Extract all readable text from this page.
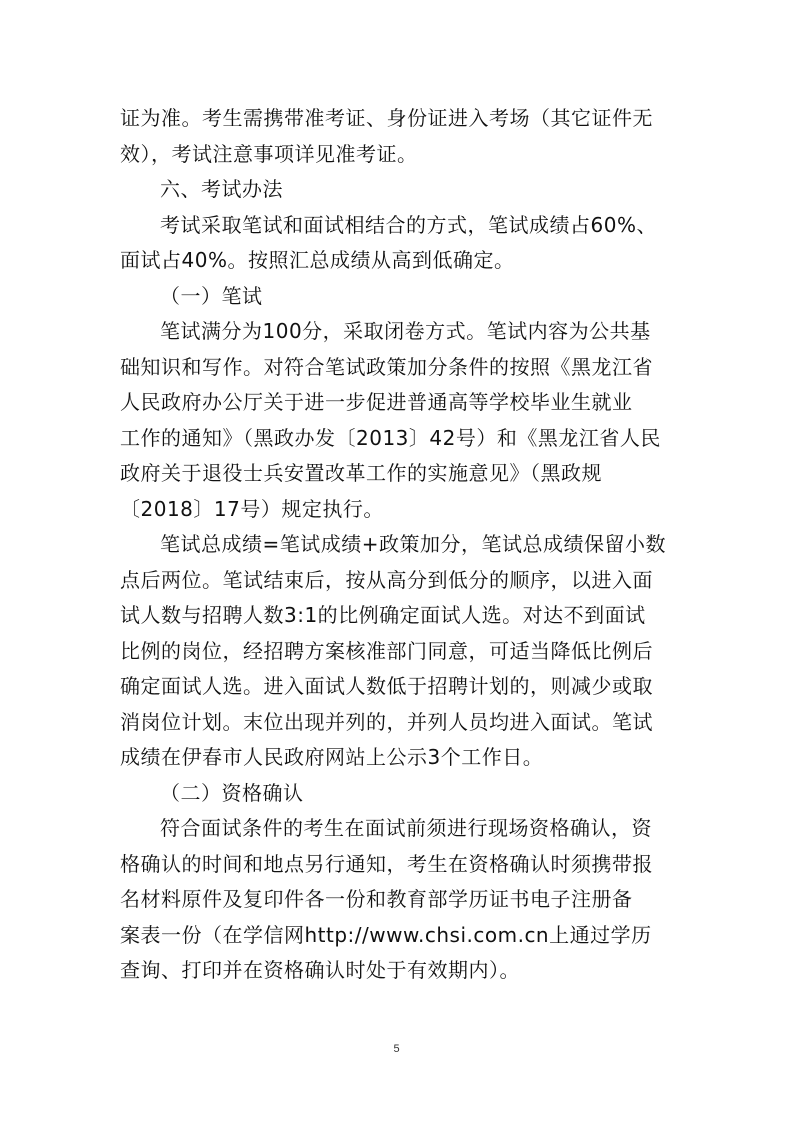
证为准。考生需携带准考证、身份证进入考场（其它证件无
效），考试注意事项详见准考证。

六、考试办法

考试采取笔试和面试相结合的方式，笔试成绩占60%、
面试占40%。按照汇总成绩从高到低确定。

（一）笔试

笔试满分为100分，采取闭卷方式。笔试内容为公共基
础知识和写作。对符合笔试政策加分条件的按照《黑龙江省
人民政府办公厅关于进一步促进普通高等学校毕业生就业
工作的通知》（黑政办发〔2013〕42号）和《黑龙江省人民
政府关于退役士兵安置改革工作的实施意见》（黑政规
〔2018〕17号）规定执行。

笔试总成绩=笔试成绩+政策加分，笔试总成绩保留小数
点后两位。笔试结束后，按从高分到低分的顺序，以进入面
试人数与招聘人数3:1的比例确定面试人选。对达不到面试
比例的岗位，经招聘方案核准部门同意，可适当降低比例后
确定面试人选。进入面试人数低于招聘计划的，则减少或取
消岗位计划。末位出现并列的，并列人员均进入面试。笔试
成绩在伊春市人民政府网站上公示3个工作日。

（二）资格确认

符合面试条件的考生在面试前须进行现场资格确认，资
格确认的时间和地点另行通知，考生在资格确认时须携带报
名材料原件及复印件各一份和教育部学历证书电子注册备
案表一份（在学信网http://www.chsi.com.cn上通过学历
查询、打印并在资格确认时处于有效期内）。

5
